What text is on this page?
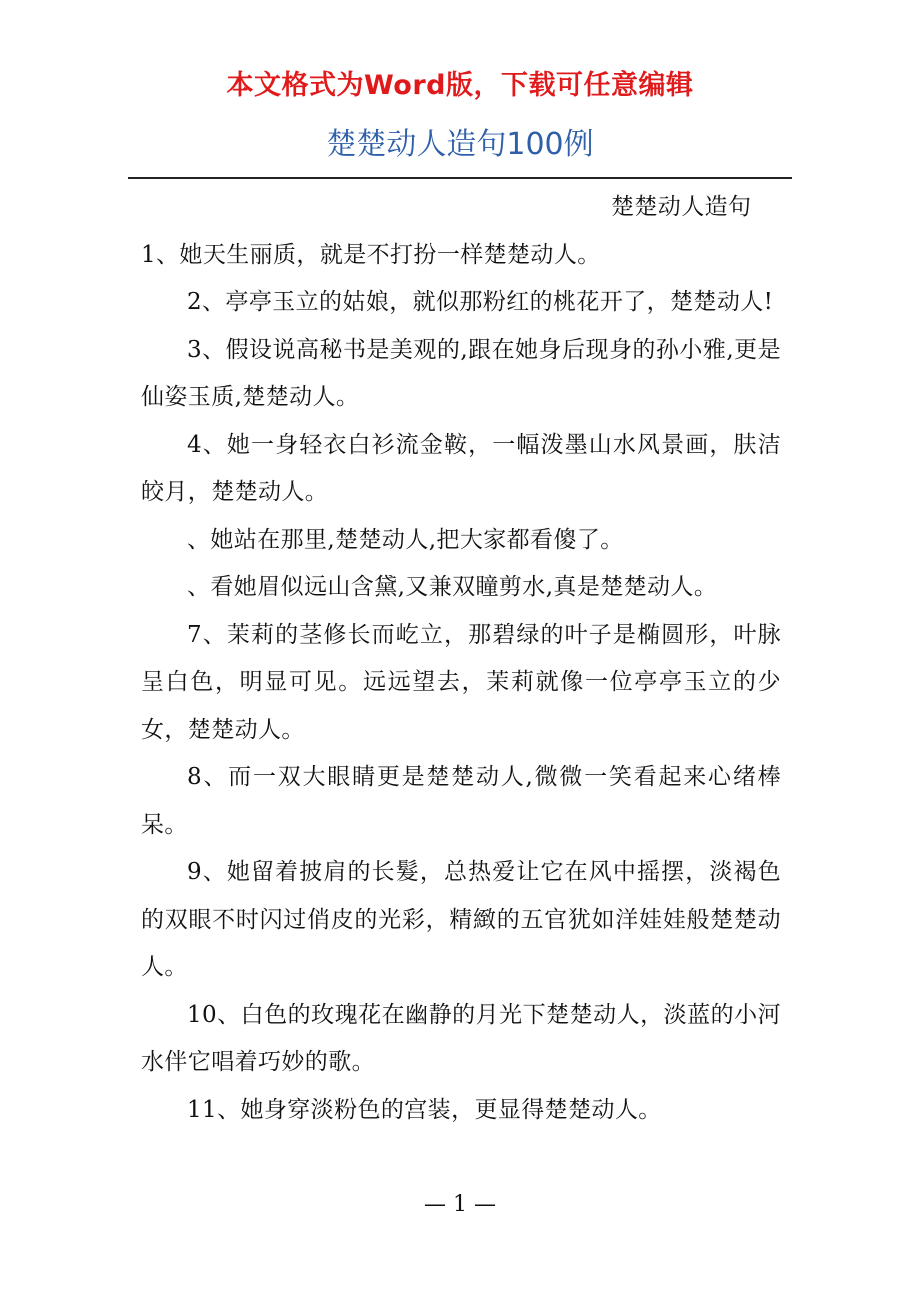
本文格式为Word版，下载可任意编辑
楚楚动人造句100例

楚楚动人造句1、她天生丽质，就是不打扮一样楚楚动人。

2、亭亭玉立的姑娘，就似那粉红的桃花开了，楚楚动人!

3、假设说高秘书是美观的,跟在她身后现身的孙小雅,更是仙姿玉质,楚楚动人。

4、她一身轻衣白衫流金鞍，一幅泼墨山水风景画，肤洁皎月，楚楚动人。

、她站在那里,楚楚动人,把大家都看傻了。

、看她眉似远山含黛,又兼双瞳剪水,真是楚楚动人。

7、茉莉的茎修长而屹立，那碧绿的叶子是椭圆形，叶脉呈白色，明显可见。远远望去，茉莉就像一位亭亭玉立的少女，楚楚动人。

8、而一双大眼睛更是楚楚动人,微微一笑看起来心绪棒呆。

9、她留着披肩的长髮，总热爱让它在风中摇摆，淡褐色的双眼不时闪过俏皮的光彩，精緻的五官犹如洋娃娃般楚楚动人。

10、白色的玫瑰花在幽静的月光下楚楚动人，淡蓝的小河水伴它唱着巧妙的歌。

11、她身穿淡粉色的宫装，更显得楚楚动人。

— 1 —
